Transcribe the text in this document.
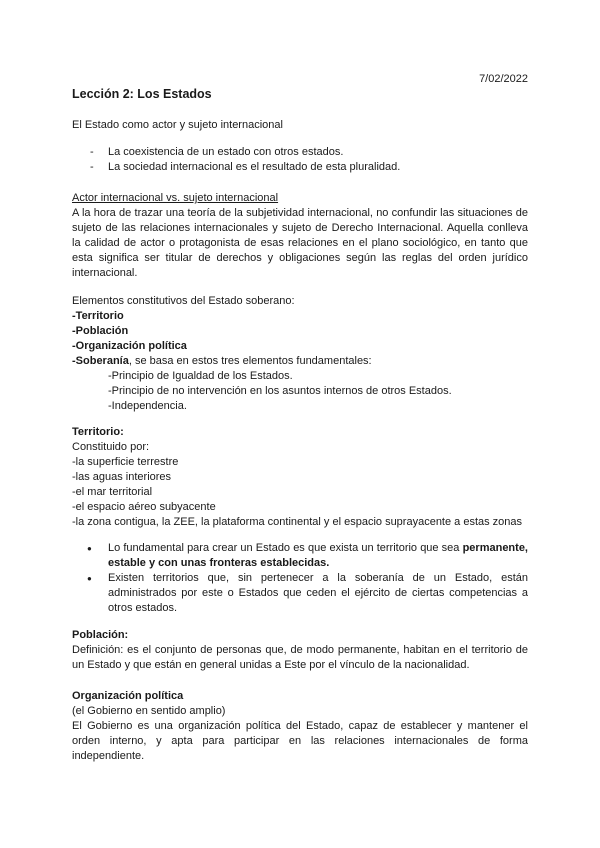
7/02/2022
Lección 2: Los Estados
El Estado como actor y sujeto internacional
- La coexistencia de un estado con otros estados.
- La sociedad internacional es el resultado de esta pluralidad.
Actor internacional vs. sujeto internacional
A la hora de trazar una teoría de la subjetividad internacional, no confundir las situaciones de sujeto de las relaciones internacionales y sujeto de Derecho Internacional. Aquella conlleva la calidad de actor o protagonista de esas relaciones en el plano sociológico, en tanto que esta significa ser titular de derechos y obligaciones según las reglas del orden jurídico internacional.

Elementos constitutivos del Estado soberano:

-Territorio

-Población

-Organización política

-Soberanía, se basa en estos tres elementos fundamentales:

-Principio de Igualdad de los Estados.

-Principio de no intervención en los asuntos internos de otros Estados.

-Independencia.

Territorio:

Constituido por:

-la superficie terrestre

-las aguas interiores

-el mar territorial

-el espacio aéreo subyacente

-la zona contigua, la ZEE, la plataforma continental y el espacio suprayacente a estas zonas

● Lo fundamental para crear un Estado es que exista un territorio que sea permanente, estable y con unas fronteras establecidas.
● Existen territorios que, sin pertenecer a la soberanía de un Estado, están administrados por este o Estados que ceden el ejército de ciertas competencias a otros estados.

Población:

Definición: es el conjunto de personas que, de modo permanente, habitan en el territorio de un Estado y que están en general unidas a Este por el vínculo de la nacionalidad.

Organización política

(el Gobierno en sentido amplio)

El Gobierno es una organización política del Estado, capaz de establecer y mantener el orden interno, y apta para participar en las relaciones internacionales de forma independiente.
